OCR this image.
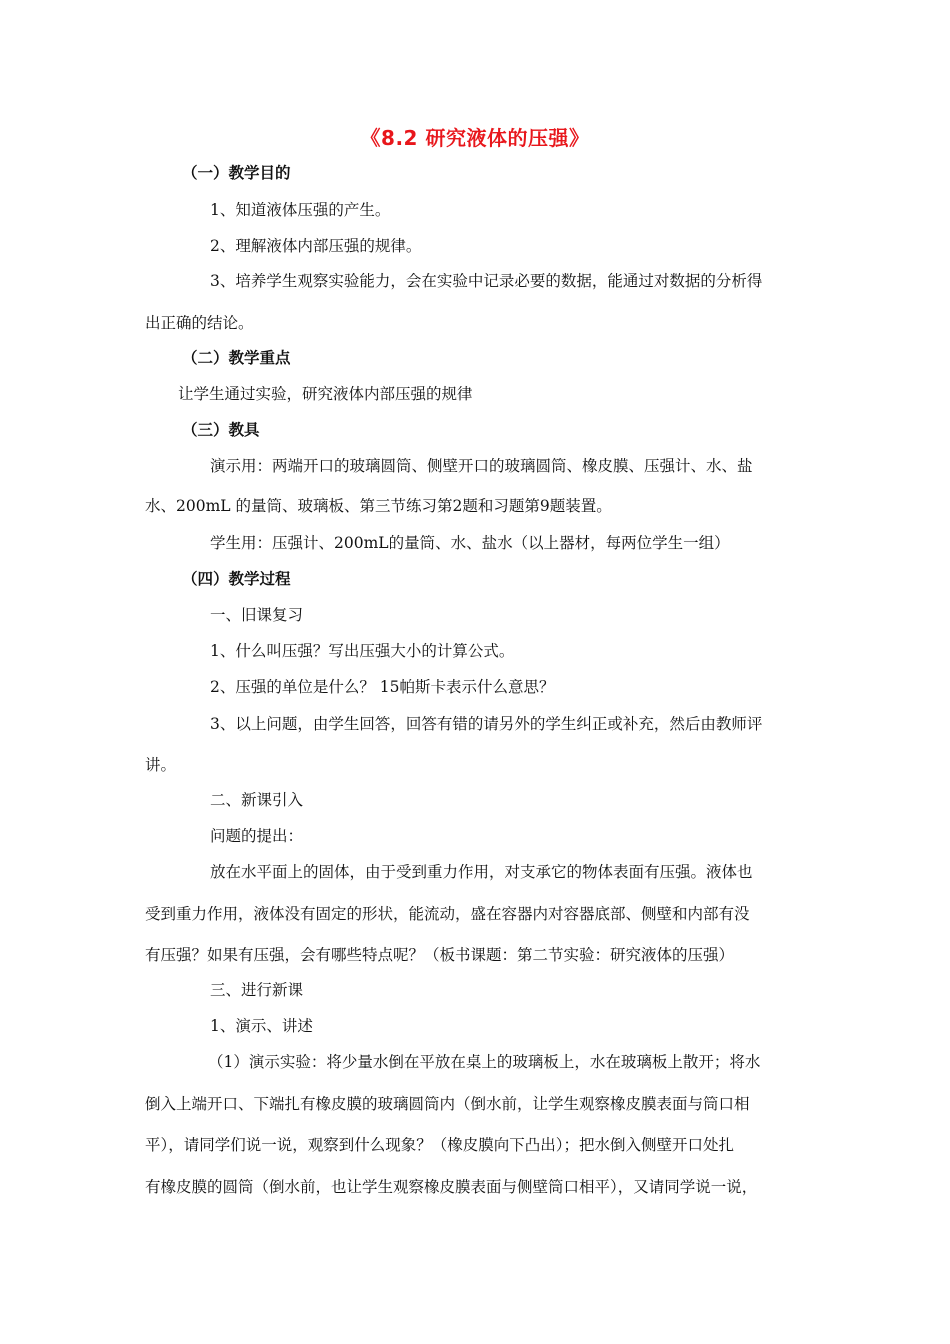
《8.2 研究液体的压强》
（一）教学目的
1、知道液体压强的产生。
2、理解液体内部压强的规律。
3、培养学生观察实验能力，会在实验中记录必要的数据，能通过对数据的分析得
出正确的结论。
（二）教学重点
让学生通过实验，研究液体内部压强的规律
（三）教具
演示用：两端开口的玻璃圆筒、侧壁开口的玻璃圆筒、橡皮膜、压强计、水、盐
水、200mL 的量筒、玻璃板、第三节练习第2题和习题第9题装置。
学生用：压强计、200mL的量筒、水、盐水（以上器材，每两位学生一组）
（四）教学过程
一、旧课复习
1、什么叫压强？写出压强大小的计算公式。
2、压强的单位是什么？ 15帕斯卡表示什么意思？
3、以上问题，由学生回答，回答有错的请另外的学生纠正或补充，然后由教师评
讲。
二、新课引入
问题的提出：
放在水平面上的固体，由于受到重力作用，对支承它的物体表面有压强。液体也
受到重力作用，液体没有固定的形状，能流动，盛在容器内对容器底部、侧壁和内部有没
有压强？如果有压强，会有哪些特点呢？（板书课题：第二节实验：研究液体的压强）
三、进行新课
1、演示、讲述
（1）演示实验：将少量水倒在平放在桌上的玻璃板上，水在玻璃板上散开；将水
倒入上端开口、下端扎有橡皮膜的玻璃圆筒内（倒水前，让学生观察橡皮膜表面与筒口相
平），请同学们说一说，观察到什么现象？（橡皮膜向下凸出）；把水倒入侧壁开口处扎
有橡皮膜的圆筒（倒水前，也让学生观察橡皮膜表面与侧壁筒口相平），又请同学说一说，
